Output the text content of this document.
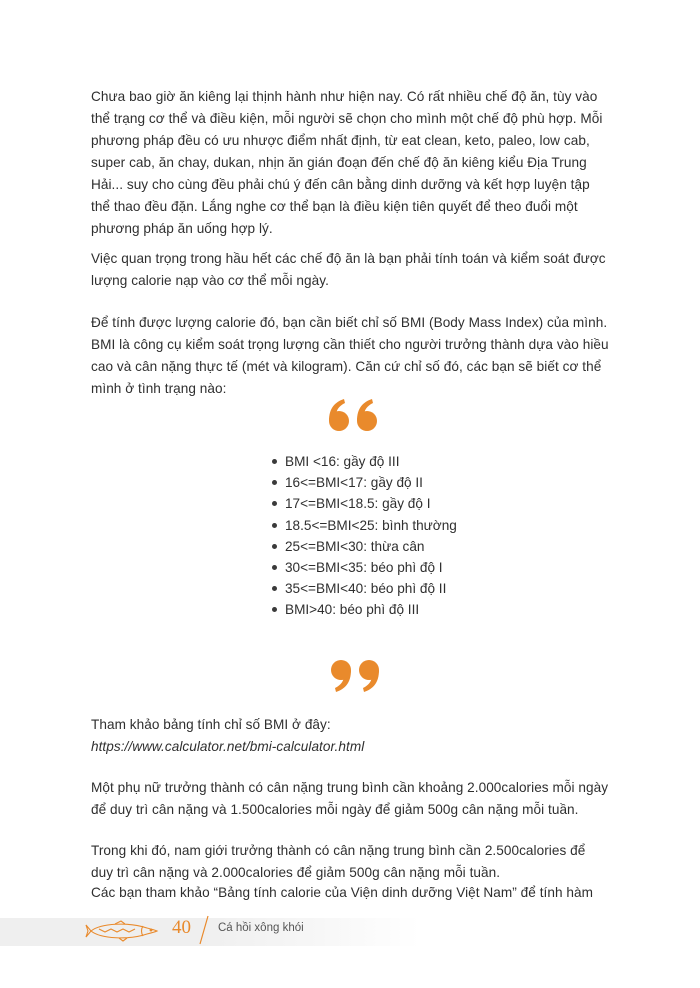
Chưa bao giờ ăn kiêng lại thịnh hành như hiện nay. Có rất nhiều chế độ ăn, tùy vào thể trạng cơ thể và điều kiện, mỗi người sẽ chọn cho mình một chế độ phù hợp. Mỗi phương pháp đều có ưu nhược điểm nhất định, từ eat clean, keto, paleo, low cab, super cab, ăn chay, dukan, nhịn ăn gián đoạn đến chế độ ăn kiêng kiểu Địa Trung Hải... suy cho cùng đều phải chú ý đến cân bằng dinh dưỡng và kết hợp luyện tập thể thao đều đặn. Lắng nghe cơ thể bạn là điều kiện tiên quyết để theo đuổi một phương pháp ăn uống hợp lý.

Việc quan trọng trong hầu hết các chế độ ăn là bạn phải tính toán và kiểm soát được lượng calorie nạp vào cơ thể mỗi ngày.

Để tính được lượng calorie đó, bạn cần biết chỉ số BMI (Body Mass Index) của mình. BMI là công cụ kiểm soát trọng lượng cần thiết cho người trưởng thành dựa vào hiều cao và cân nặng thực tế (mét và kilogram). Căn cứ chỉ số đó, các bạn sẽ biết cơ thể mình ở tình trạng nào:

BMI <16: gầy độ III
16<=BMI<17: gầy độ II
17<=BMI<18.5: gầy độ I
18.5<=BMI<25: bình thường
25<=BMI<30: thừa cân
30<=BMI<35: béo phì độ I
35<=BMI<40: béo phì độ II
BMI>40: béo phì độ III
Tham khảo bảng tính chỉ số BMI ở đây:
https://www.calculator.net/bmi-calculator.html

Một phụ nữ trưởng thành có cân nặng trung bình cần khoảng 2.000calories mỗi ngày để duy trì cân nặng và 1.500calories mỗi ngày để giảm 500g cân nặng mỗi tuần.

Trong khi đó, nam giới trưởng thành có cân nặng trung bình cần 2.500calories để duy trì cân nặng và 2.000calories để giảm 500g cân nặng mỗi tuần.

Các bạn tham khảo “Bảng tính calorie của Viện dinh dưỡng Việt Nam” để tính hàm

40 Cá hồi xông khói
